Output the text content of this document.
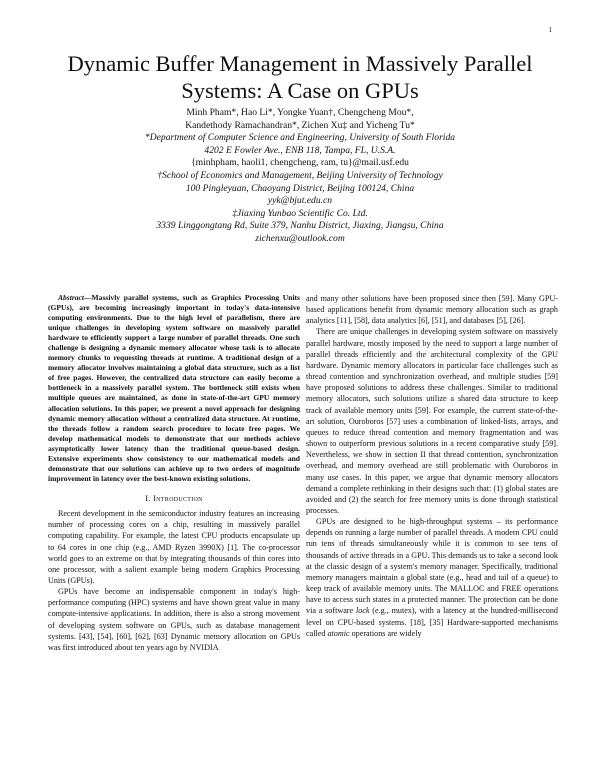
1
Dynamic Buffer Management in Massively Parallel Systems: A Case on GPUs
Minh Pham*, Hao Li*, Yongke Yuan†, Chengcheng Mou*,
Kandethody Ramachandran*, Zichen Xu‡ and Yicheng Tu*
*Department of Computer Science and Engineering, University of South Florida
4202 E Fowler Ave., ENB 118, Tampa, FL, U.S.A.
{minhpham, haoli1, chengcheng, ram, tu}@mail.usf.edu
†School of Economics and Management, Beijing University of Technology
100 Pingleyuan, Chaoyang District, Beijing 100124, China
yyk@bjut.edu.cn
‡Jiaxing Yunbao Scientific Co. Ltd.
3339 Linggongtang Rd, Suite 379, Nanhu District, Jiaxing, Jiangsu, China
zichenxu@outlook.com

Abstract—Massivly parallel systems, such as Graphics Processing Units (GPUs), are becoming increasingly important in today's data-intensive computing environments. Due to the high level of parallelism, there are unique challenges in developing system software on massively parallel hardware to efficiently support a large number of parallel threads. One such challenge is designing a dynamic memory allocator whose task is to allocate memory chunks to requesting threads at runtime. A traditional design of a memory allocator involves maintaining a global data structure, such as a list of free pages. However, the centralized data structure can easily become a bottleneck in a massively parallel system. The bottleneck still exists when multiple queues are maintained, as done in state-of-the-art GPU memory allocation solutions. In this paper, we present a novel approach for designing dynamic memory allocation without a centralized data structure. At runtime, the threads follow a random search procedure to locate free pages. We develop mathematical models to demonstrate that our methods achieve asymptotically lower latency than the traditional queue-based design. Extensive experiments show consistency to our mathematical models and demonstrate that our solutions can achieve up to two orders of magnitude improvement in latency over the best-known existing solutions.

I. Introduction

Recent development in the semiconductor industry features an increasing number of processing cores on a chip, resulting in massively parallel computing capability. For example, the latest CPU products encapsulate up to 64 cores in one chip (e.g., AMD Ryzen 3990X) [1]. The co-processor world goes to an extreme on that by integrating thousands of thin cores into one processor, with a salient example being modern Graphics Processing Units (GPUs).

GPUs have become an indispensable component in today's high-performance computing (HPC) systems and have shown great value in many compute-intensive applications. In addition, there is also a strong movement of developing system software on GPUs, such as database management systems. [43], [54], [60], [62], [63] Dynamic memory allocation on GPUs was first introduced about ten years ago by NVIDIA

and many other solutions have been proposed since then [59]. Many GPU-based applications benefit from dynamic memory allocation such as graph analytics [11], [58], data analytics [6], [51], and databases [5], [26].

There are unique challenges in developing system software on massively parallel hardware, mostly imposed by the need to support a large number of parallel threads efficiently and the architectural complexity of the GPU hardware. Dynamic memory allocators in particular face challenges such as thread contention and synchronization overhead, and multiple studies [59] have proposed solutions to address these challenges. Similar to traditional memory allocators, such solutions utilize a shared data structure to keep track of available memory units [59]. For example, the current state-of-the-art solution, Ouroboros [57] uses a combination of linked-lists, arrays, and queues to reduce thread contention and memory fragmentation and was shown to outperform previous solutions in a recent comparative study [59]. Nevertheless, we show in section II that thread contention, synchronization overhead, and memory overhead are still problematic with Ouroboros in many use cases. In this paper, we argue that dynamic memory allocators demand a complete rethinking in their designs such that: (1) global states are avoided and (2) the search for free memory units is done through statistical processes.

GPUs are designed to be high-throughput systems – its performance depends on running a large number of parallel threads. A modern CPU could run tens of threads simultaneously while it is common to see tens of thousands of active threads in a GPU. This demands us to take a second look at the classic design of a system's memory manager. Specifically, traditional memory managers maintain a global state (e.g., head and tail of a queue) to keep track of available memory units. The MALLOC and FREE operations have to access such states in a protected manner. The protection can be done via a software lock (e.g., mutex), with a latency at the hundred-millisecond level on CPU-based systems. [18], [35] Hardware-supported mechanisms called atomic operations are widely
